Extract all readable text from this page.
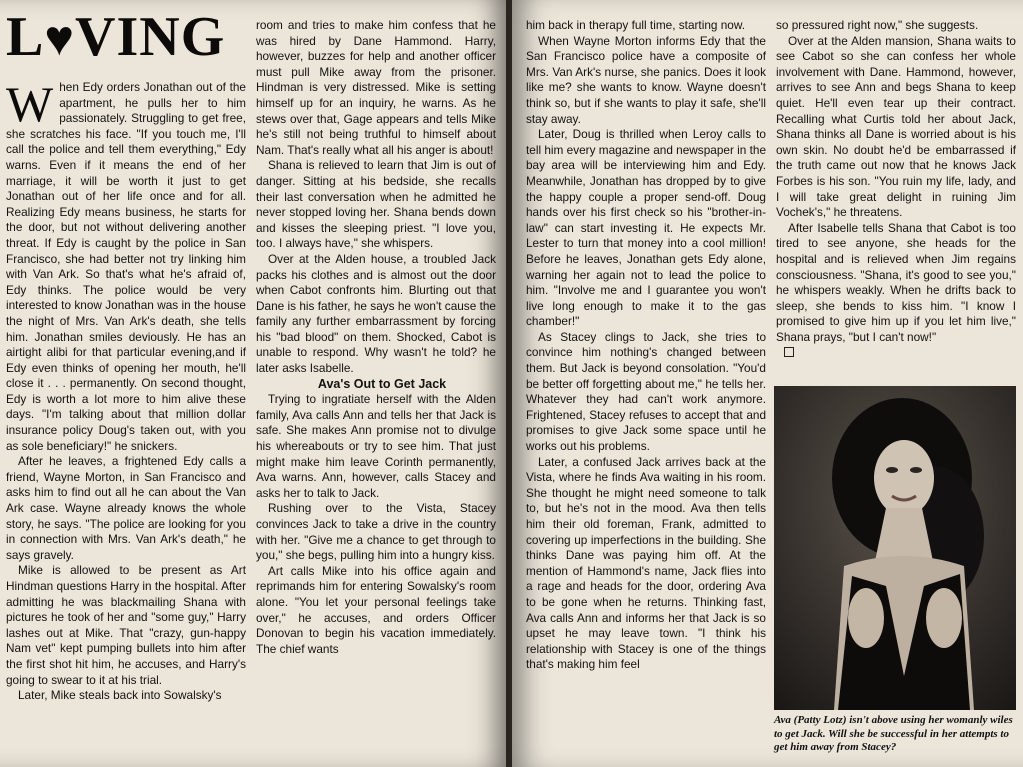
L♥VING
W hen Edy orders Jonathan out of the apartment, he pulls her to him passionately. Struggling to get free, she scratches his face. "If you touch me, I'll call the police and tell them everything," Edy warns. Even if it means the end of her marriage, it will be worth it just to get Jonathan out of her life once and for all. Realizing Edy means business, he starts for the door, but not without delivering another threat. If Edy is caught by the police in San Francisco, she had better not try linking him with Van Ark. So that's what he's afraid of, Edy thinks. The police would be very interested to know Jonathan was in the house the night of Mrs. Van Ark's death, she tells him. Jonathan smiles deviously. He has an airtight alibi for that particular evening,and if Edy even thinks of opening her mouth, he'll close it . . . permanently. On second thought, Edy is worth a lot more to him alive these days. "I'm talking about that million dollar insurance policy Doug's taken out, with you as sole beneficiary!" he snickers.

After he leaves, a frightened Edy calls a friend, Wayne Morton, in San Francisco and asks him to find out all he can about the Van Ark case. Wayne already knows the whole story, he says. "The police are looking for you in connection with Mrs. Van Ark's death," he says gravely.

Mike is allowed to be present as Art Hindman questions Harry in the hospital. After admitting he was blackmailing Shana with pictures he took of her and "some guy," Harry lashes out at Mike. That "crazy, gun-happy Nam vet" kept pumping bullets into him after the first shot hit him, he accuses, and Harry's going to swear to it at his trial.

Later, Mike steals back into Sowalsky's

room and tries to make him confess that he was hired by Dane Hammond. Harry, however, buzzes for help and another officer must pull Mike away from the prisoner. Hindman is very distressed. Mike is setting himself up for an inquiry, he warns. As he stews over that, Gage appears and tells Mike he's still not being truthful to himself about Nam. That's really what all his anger is about!

Shana is relieved to learn that Jim is out of danger. Sitting at his bedside, she recalls their last conversation when he admitted he never stopped loving her. Shana bends down and kisses the sleeping priest. "I love you, too. I always have," she whispers.

Over at the Alden house, a troubled Jack packs his clothes and is almost out the door when Cabot confronts him. Blurting out that Dane is his father, he says he won't cause the family any further embarrassment by forcing his "bad blood" on them. Shocked, Cabot is unable to respond. Why wasn't he told? he later asks Isabelle.

Ava's Out to Get Jack

Trying to ingratiate herself with the Alden family, Ava calls Ann and tells her that Jack is safe. She makes Ann promise not to divulge his whereabouts or try to see him. That just might make him leave Corinth permanently, Ava warns. Ann, however, calls Stacey and asks her to talk to Jack.

Rushing over to the Vista, Stacey convinces Jack to take a drive in the country with her. "Give me a chance to get through to you," she begs, pulling him into a hungry kiss.

Art calls Mike into his office again and reprimands him for entering Sowalsky's room alone. "You let your personal feelings take over," he accuses, and orders Officer Donovan to begin his vacation immediately. The chief wants

him back in therapy full time, starting now.

When Wayne Morton informs Edy that the San Francisco police have a composite of Mrs. Van Ark's nurse, she panics. Does it look like me? she wants to know. Wayne doesn't think so, but if she wants to play it safe, she'll stay away.

Later, Doug is thrilled when Leroy calls to tell him every magazine and newspaper in the bay area will be interviewing him and Edy. Meanwhile, Jonathan has dropped by to give the happy couple a proper send-off. Doug hands over his first check so his "brother-in-law" can start investing it. He expects Mr. Lester to turn that money into a cool million! Before he leaves, Jonathan gets Edy alone, warning her again not to lead the police to him. "Involve me and I guarantee you won't live long enough to make it to the gas chamber!"

As Stacey clings to Jack, she tries to convince him nothing's changed between them. But Jack is beyond consolation. "You'd be better off forgetting about me," he tells her. Whatever they had can't work anymore. Frightened, Stacey refuses to accept that and promises to give Jack some space until he works out his problems.

Later, a confused Jack arrives back at the Vista, where he finds Ava waiting in his room. She thought he might need someone to talk to, but he's not in the mood. Ava then tells him their old foreman, Frank, admitted to covering up imperfections in the building. She thinks Dane was paying him off. At the mention of Hammond's name, Jack flies into a rage and heads for the door, ordering Ava to be gone when he returns. Thinking fast, Ava calls Ann and informs her that Jack is so upset he may leave town. "I think his relationship with Stacey is one of the things that's making him feel

so pressured right now," she suggests.

Over at the Alden mansion, Shana waits to see Cabot so she can confess her whole involvement with Dane. Hammond, however, arrives to see Ann and begs Shana to keep quiet. He'll even tear up their contract. Recalling what Curtis told her about Jack, Shana thinks all Dane is worried about is his own skin. No doubt he'd be embarrassed if the truth came out now that he knows Jack Forbes is his son. "You ruin my life, lady, and I will take great delight in ruining Jim Vochek's," he threatens.

After Isabelle tells Shana that Cabot is too tired to see anyone, she heads for the hospital and is relieved when Jim regains consciousness. "Shana, it's good to see you," he whispers weakly. When he drifts back to sleep, she bends to kiss him. "I know I promised to give him up if you let him live," Shana prays, "but I can't now!"

Ava (Patty Lotz) isn't above using her womanly wiles to get Jack. Will she be successful in her attempts to get him away from Stacey?
